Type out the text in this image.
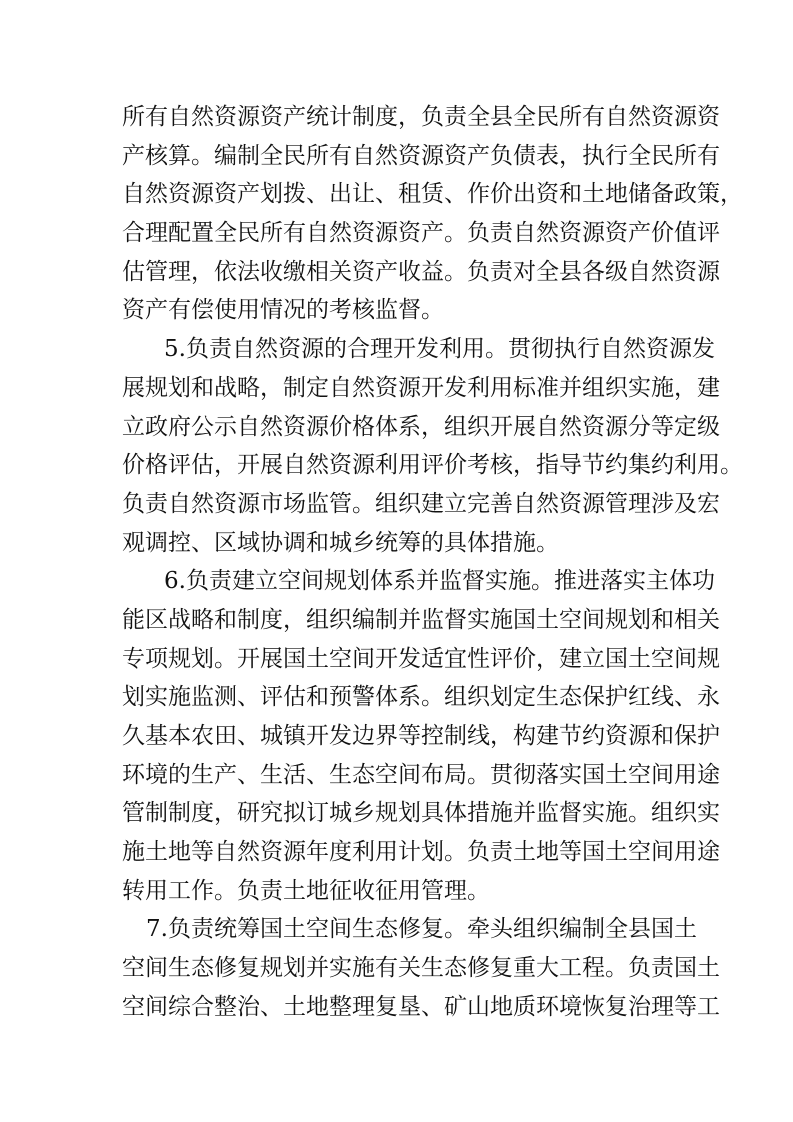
所有自然资源资产统计制度，负责全县全民所有自然资源资
产核算。编制全民所有自然资源资产负债表，执行全民所有
自然资源资产划拨、出让、租赁、作价出资和土地储备政策，
合理配置全民所有自然资源资产。负责自然资源资产价值评
估管理，依法收缴相关资产收益。负责对全县各级自然资源
资产有偿使用情况的考核监督。
5.负责自然资源的合理开发利用。贯彻执行自然资源发
展规划和战略，制定自然资源开发利用标准并组织实施，建
立政府公示自然资源价格体系，组织开展自然资源分等定级
价格评估，开展自然资源利用评价考核，指导节约集约利用。
负责自然资源市场监管。组织建立完善自然资源管理涉及宏
观调控、区域协调和城乡统筹的具体措施。
6.负责建立空间规划体系并监督实施。推进落实主体功
能区战略和制度，组织编制并监督实施国土空间规划和相关
专项规划。开展国土空间开发适宜性评价，建立国土空间规
划实施监测、评估和预警体系。组织划定生态保护红线、永
久基本农田、城镇开发边界等控制线，构建节约资源和保护
环境的生产、生活、生态空间布局。贯彻落实国土空间用途
管制制度，研究拟订城乡规划具体措施并监督实施。组织实
施土地等自然资源年度利用计划。负责土地等国土空间用途
转用工作。负责土地征收征用管理。
7.负责统筹国土空间生态修复。牵头组织编制全县国土
空间生态修复规划并实施有关生态修复重大工程。负责国土
空间综合整治、土地整理复垦、矿山地质环境恢复治理等工
